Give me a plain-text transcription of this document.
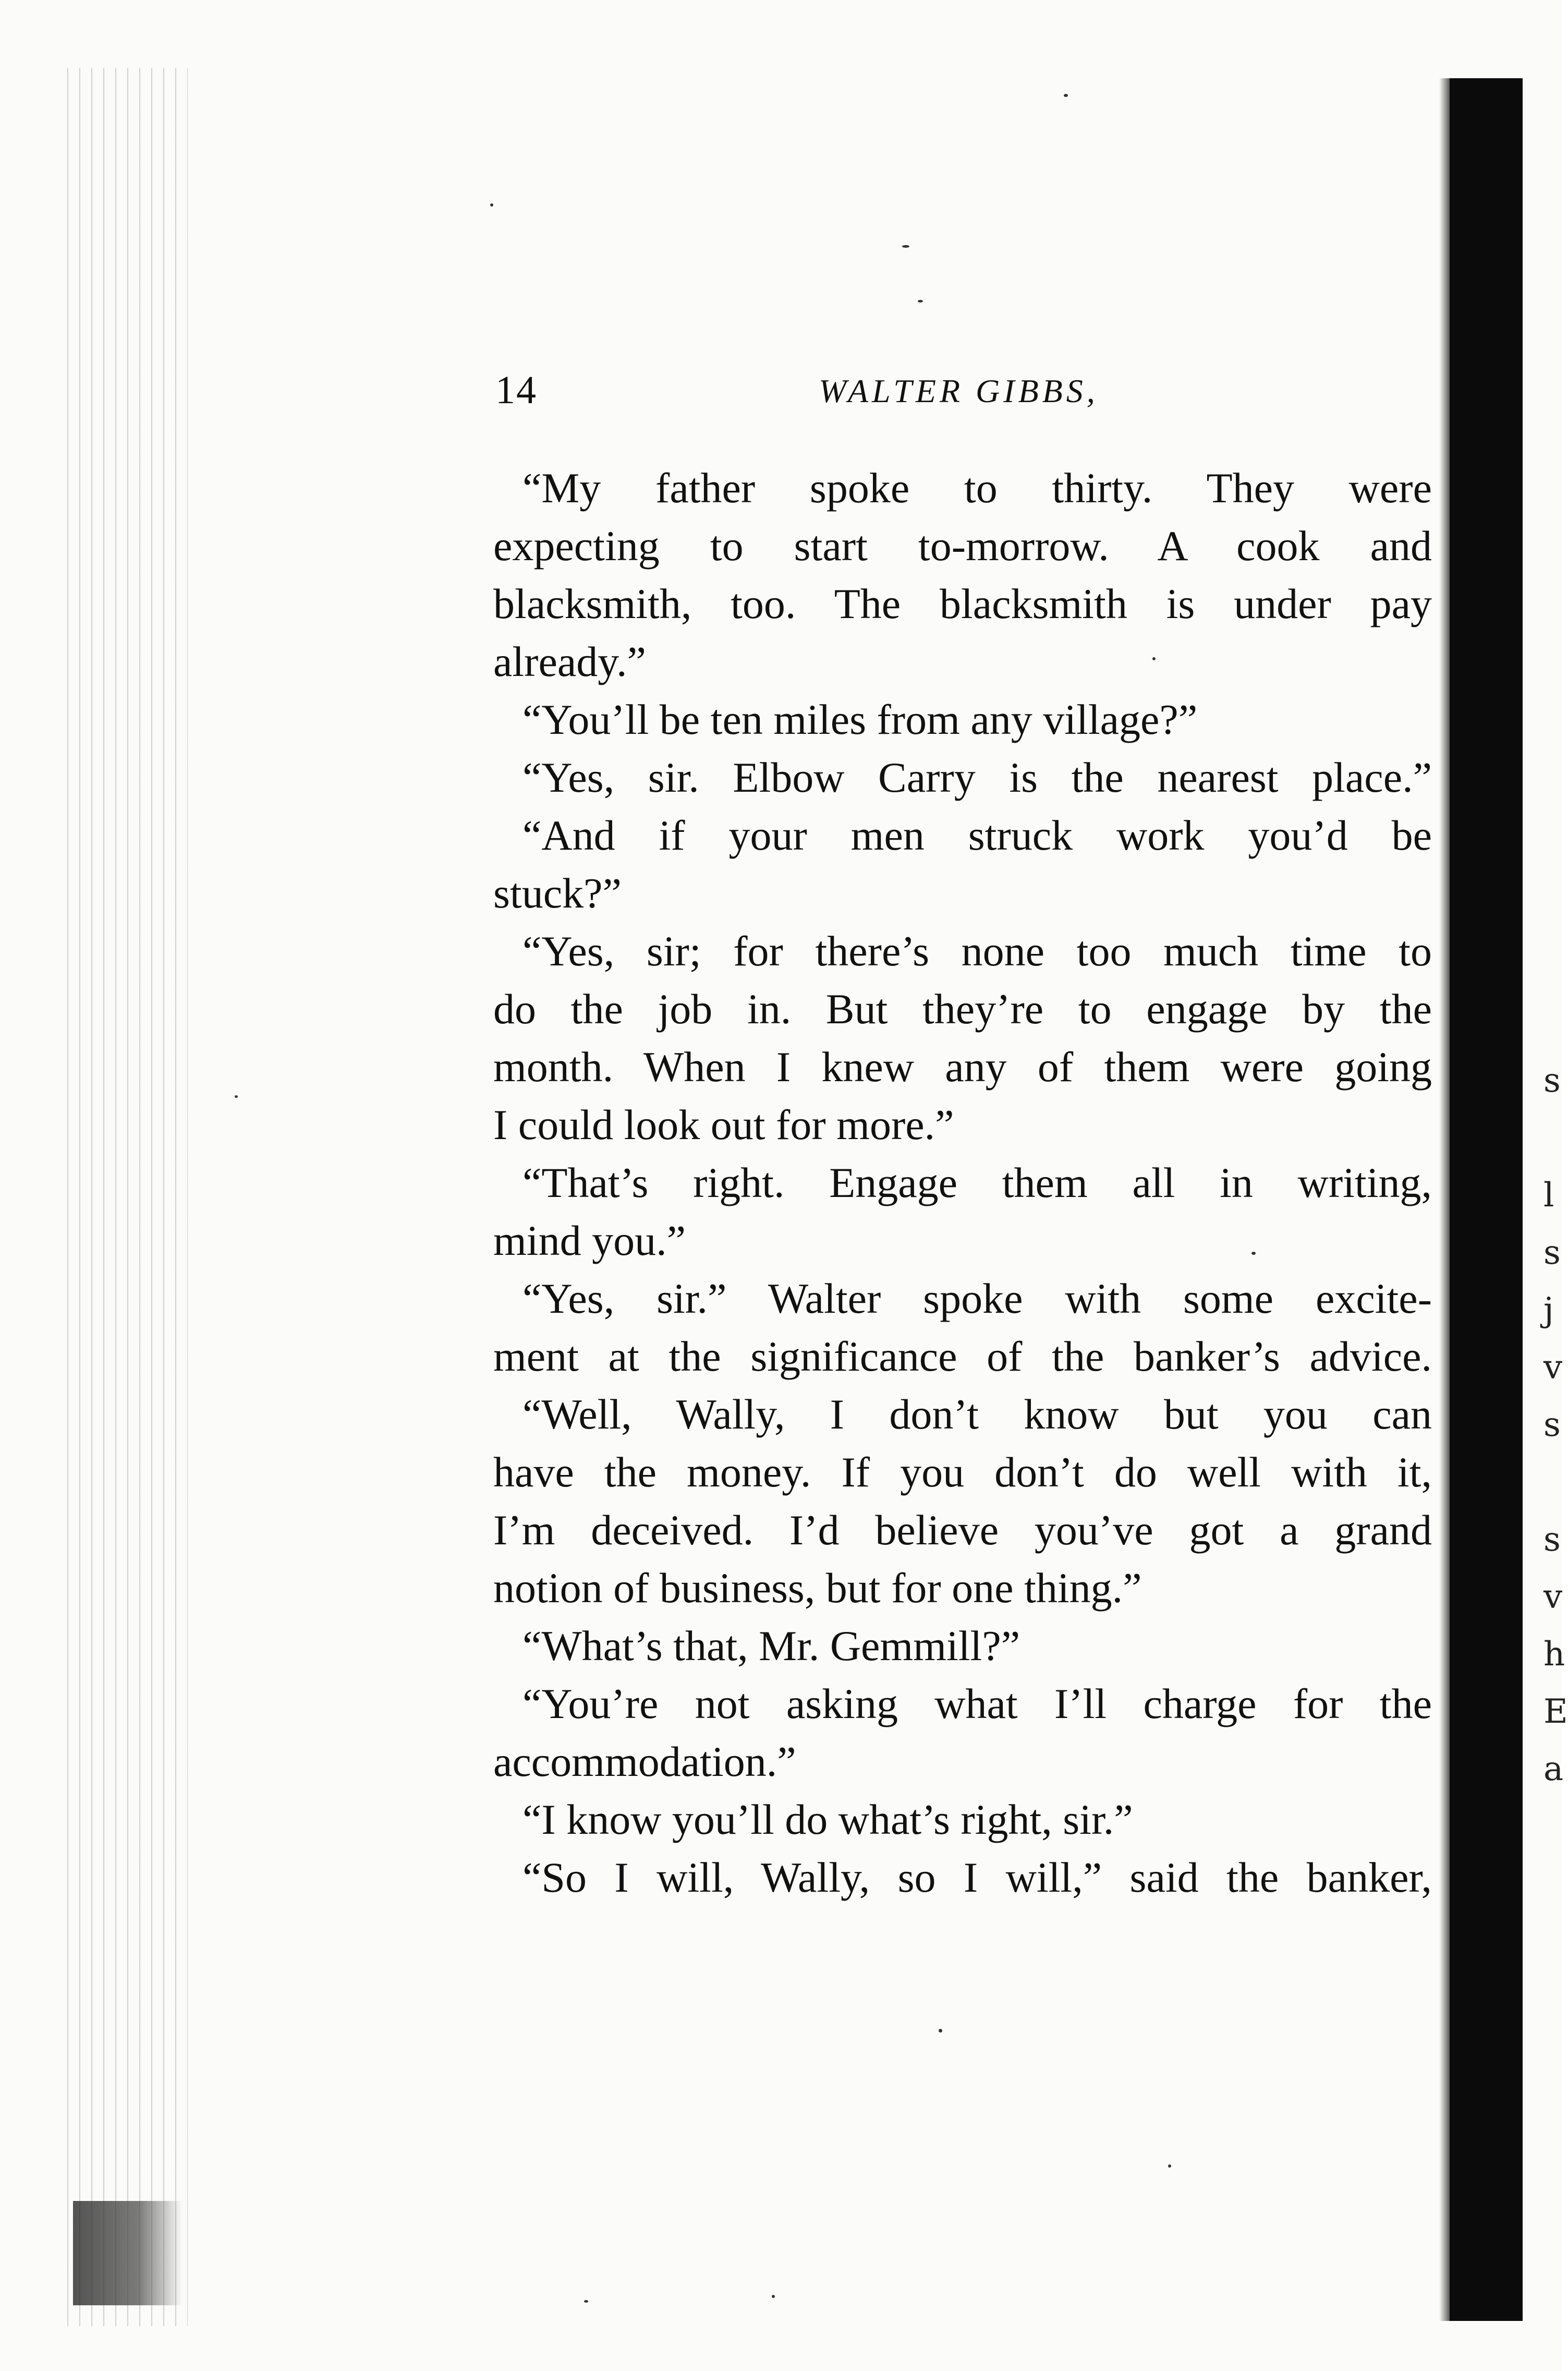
s
l
s
j
v
s
s
v
h
E
a
14	WALTER GIBBS,
“My father spoke to thirty. They were
expecting to start to-morrow. A cook and
blacksmith, too. The blacksmith is under pay
already.”
“You’ll be ten miles from any village?”
“Yes, sir. Elbow Carry is the nearest place.”
“And if your men struck work you’d be
stuck?”
“Yes, sir; for there’s none too much time to
do the job in. But they’re to engage by the
month. When I knew any of them were going
I could look out for more.”
“That’s right. Engage them all in writing,
mind you.”
“Yes, sir.” Walter spoke with some excite-
ment at the significance of the banker’s advice.
“Well, Wally, I don’t know but you can
have the money. If you don’t do well with it,
I’m deceived. I’d believe you’ve got a grand
notion of business, but for one thing.”
“What’s that, Mr. Gemmill?”
“You’re not asking what I’ll charge for the
accommodation.”
“I know you’ll do what’s right, sir.”
“So I will, Wally, so I will,” said the banker,
